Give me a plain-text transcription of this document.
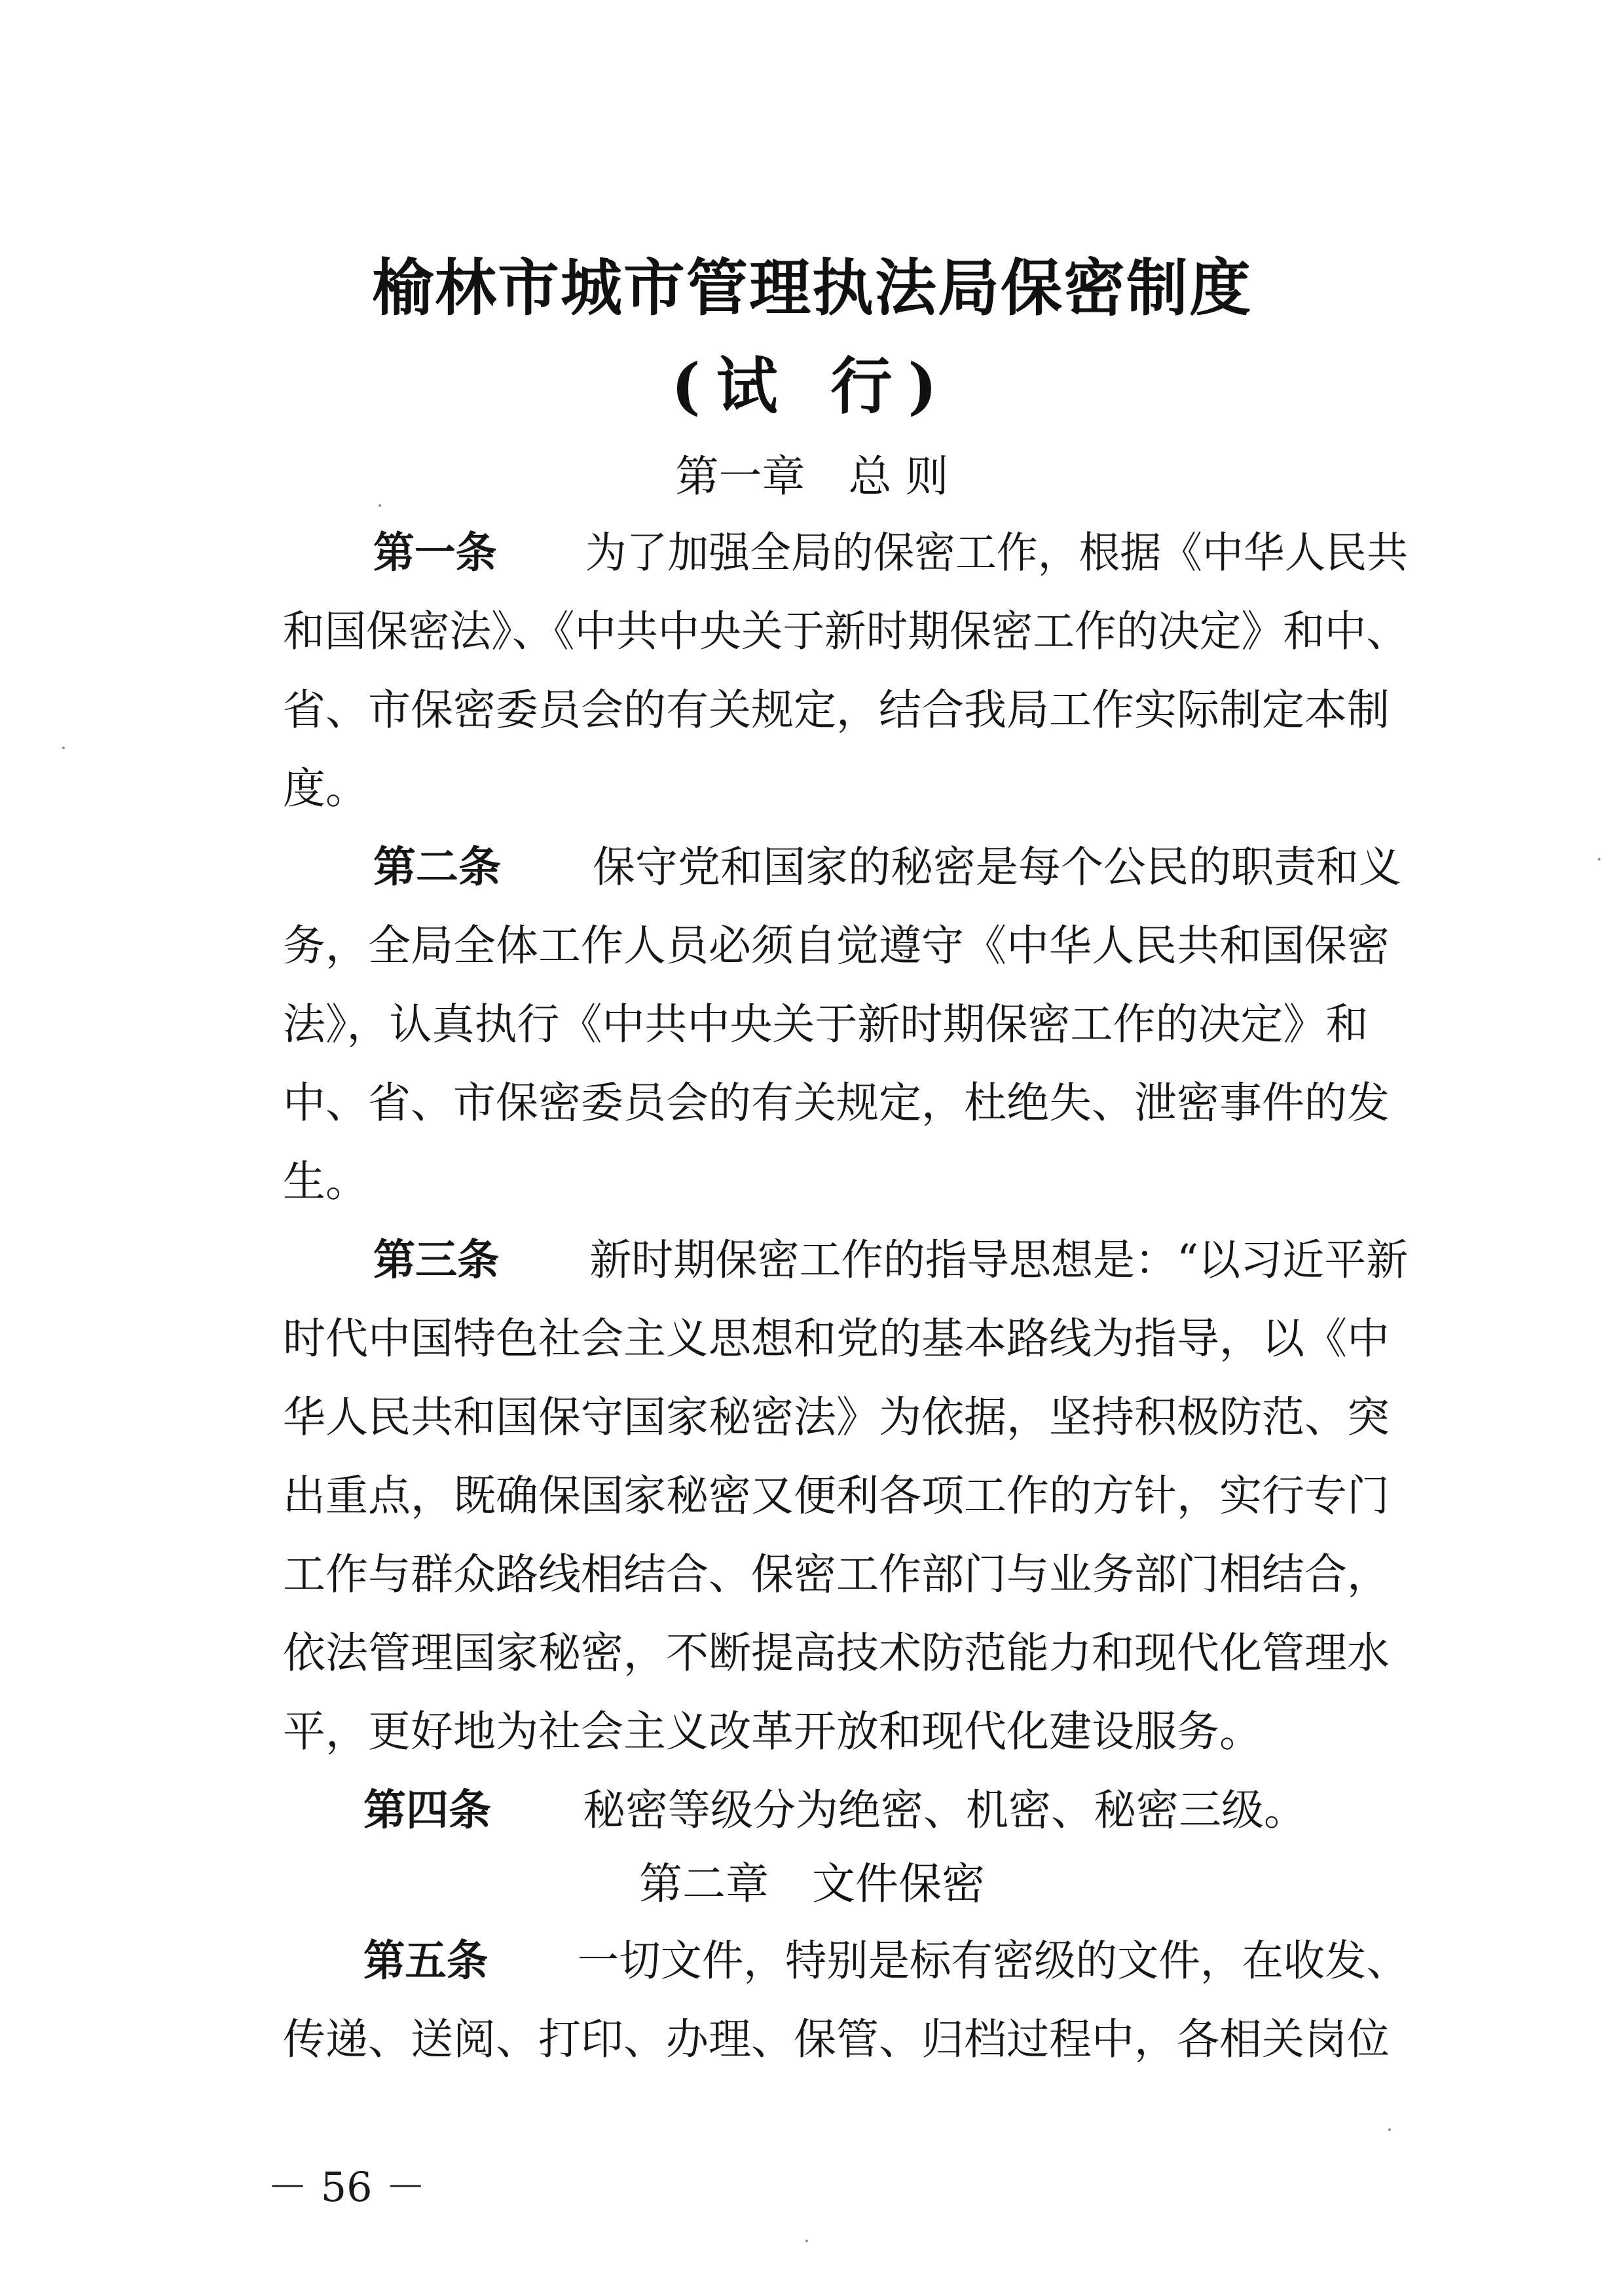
榆林市城市管理执法局保密制度
(试 行)
第一章 总 则
第一条 为了加强全局的保密工作，根据《中华人民共
和国保密法》、《中共中央关于新时期保密工作的决定》和中、
省、市保密委员会的有关规定，结合我局工作实际制定本制
度。
第二条 保守党和国家的秘密是每个公民的职责和义
务，全局全体工作人员必须自觉遵守《中华人民共和国保密
法》，认真执行《中共中央关于新时期保密工作的决定》和
中、省、市保密委员会的有关规定，杜绝失、泄密事件的发
生。
第三条 新时期保密工作的指导思想是：“以习近平新
时代中国特色社会主义思想和党的基本路线为指导，以《中
华人民共和国保守国家秘密法》为依据，坚持积极防范、突
出重点，既确保国家秘密又便利各项工作的方针，实行专门
工作与群众路线相结合、保密工作部门与业务部门相结合，
依法管理国家秘密，不断提高技术防范能力和现代化管理水
平，更好地为社会主义改革开放和现代化建设服务。
第四条 秘密等级分为绝密、机密、秘密三级。
第二章 文件保密
第五条 一切文件，特别是标有密级的文件，在收发、
传递、送阅、打印、办理、保管、归档过程中，各相关岗位
－ 56 －
